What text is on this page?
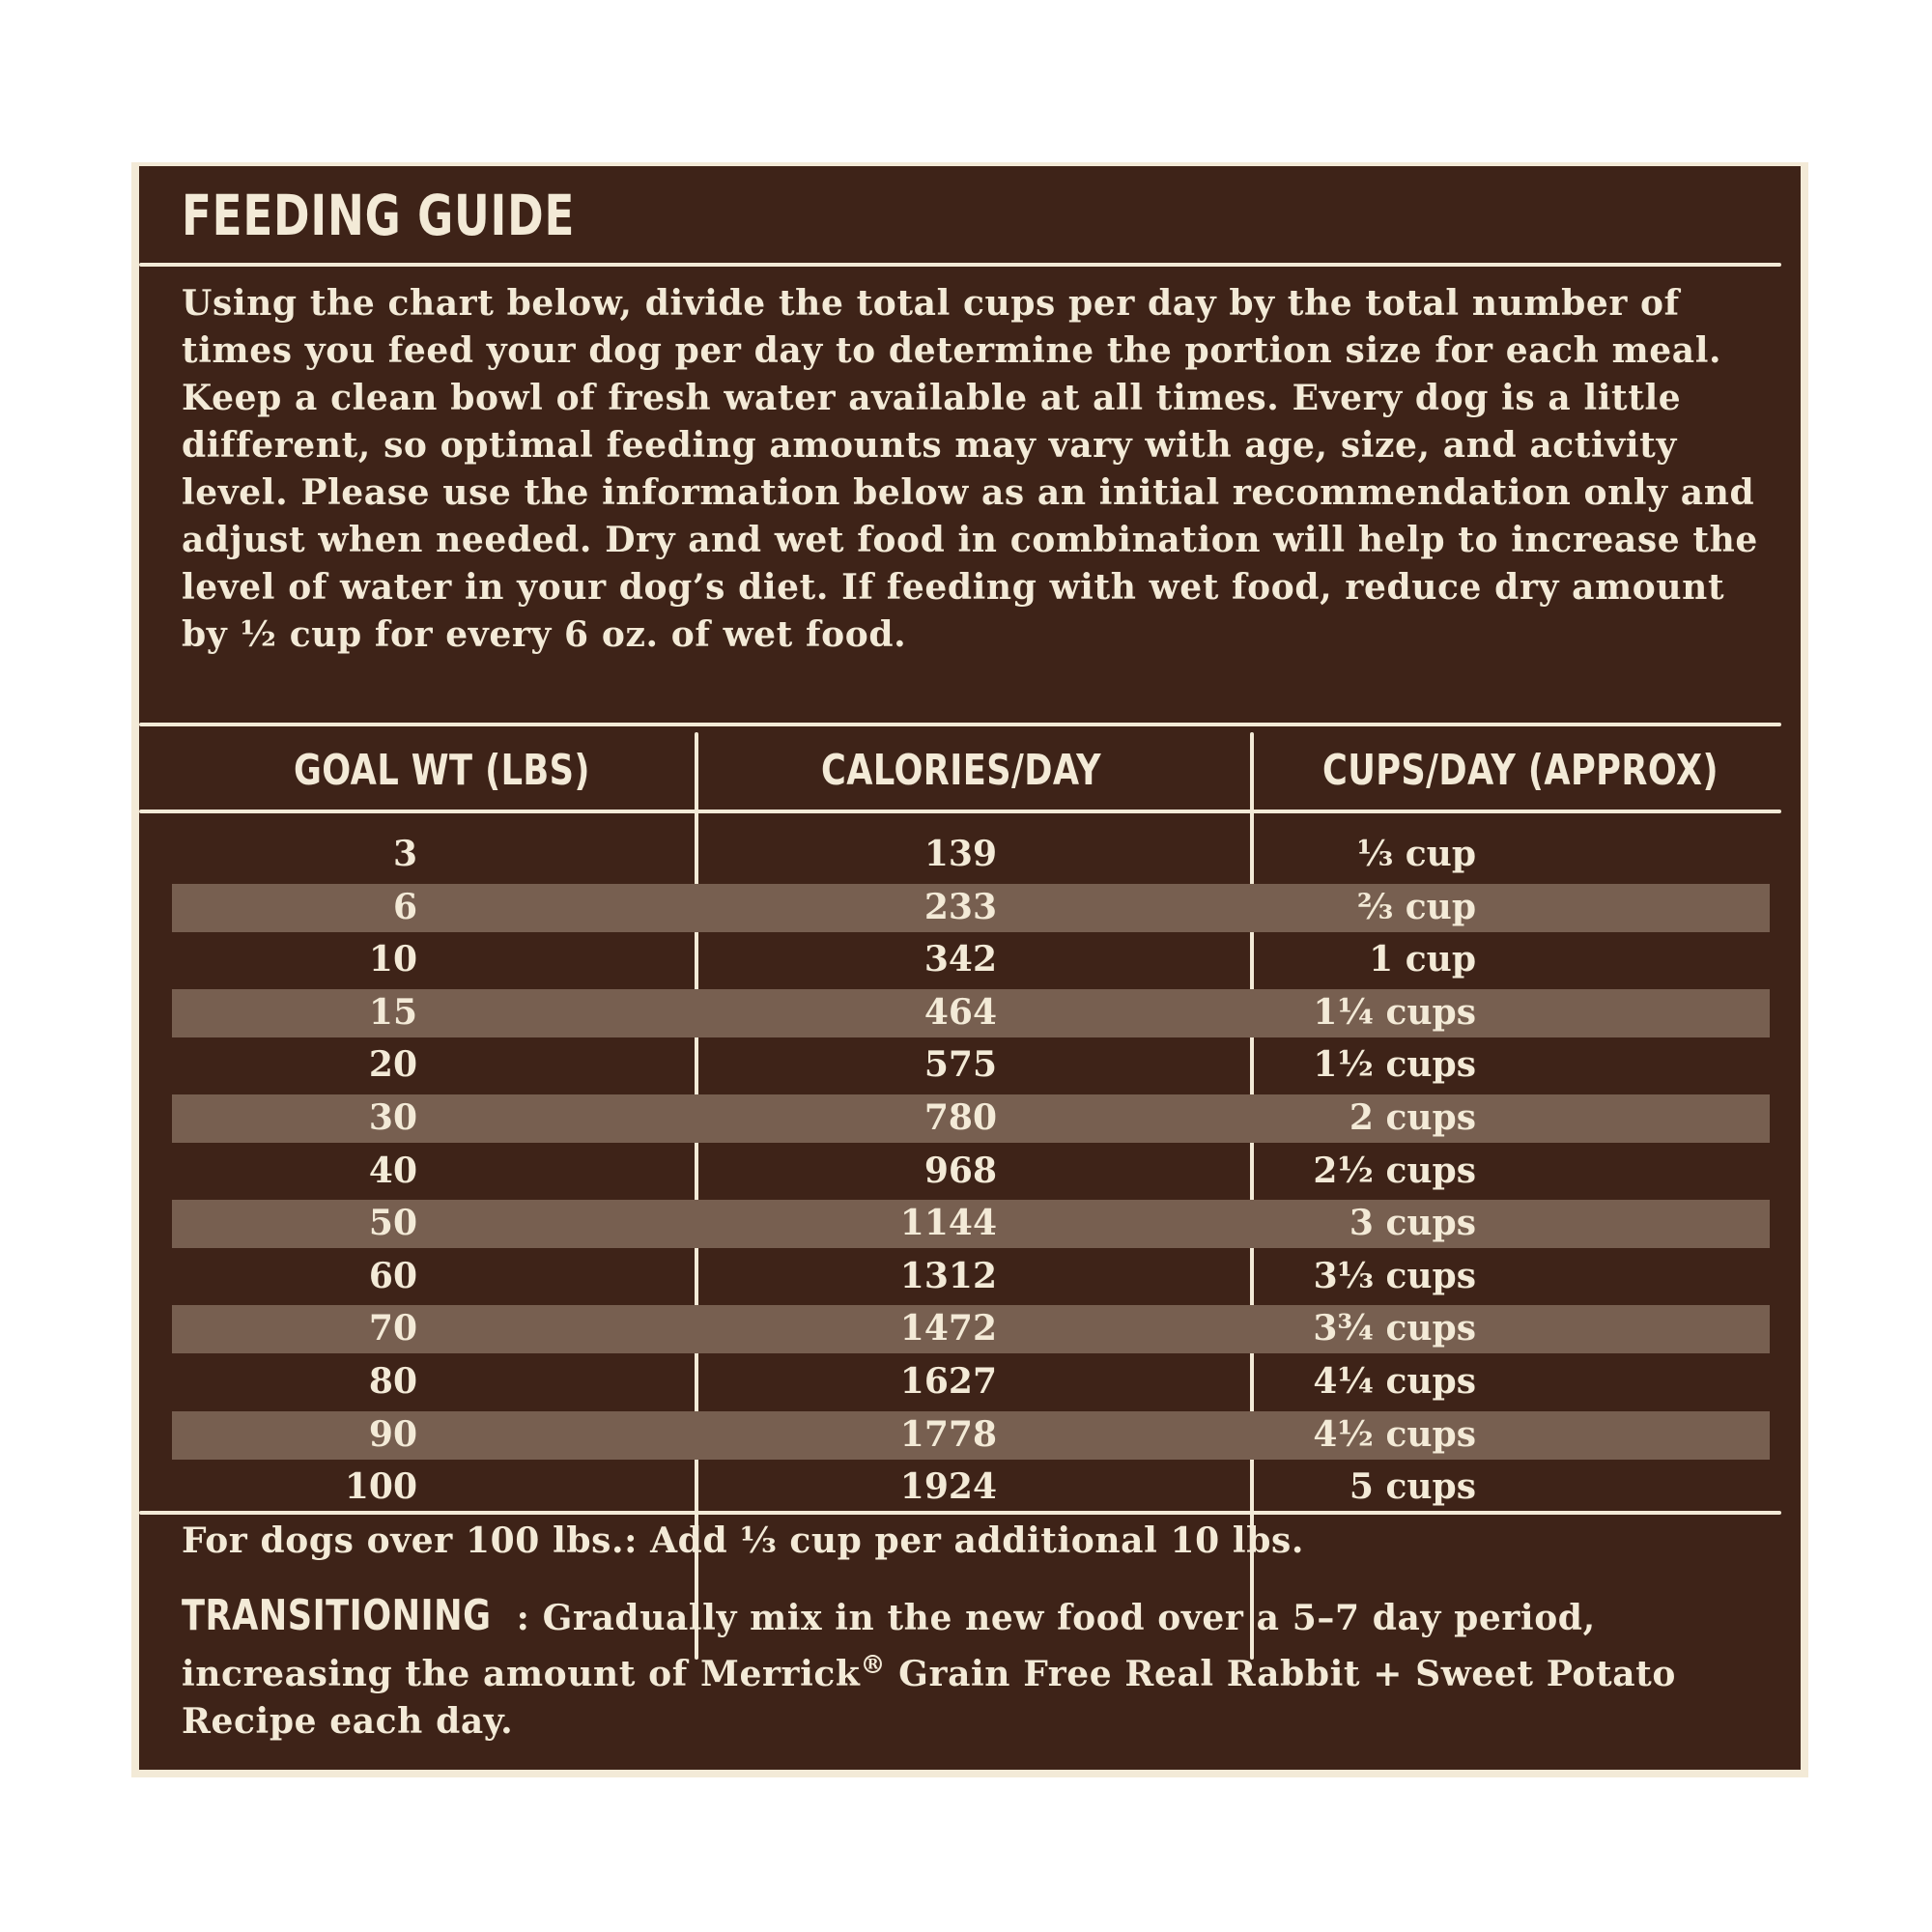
FEEDING GUIDE

Using the chart below, divide the total cups per day by the total number of times you feed your dog per day to determine the portion size for each meal. Keep a clean bowl of fresh water available at all times. Every dog is a little different, so optimal feeding amounts may vary with age, size, and activity level. Please use the information below as an initial recommendation only and adjust when needed. Dry and wet food in combination will help to increase the level of water in your dog’s diet. If feeding with wet food, reduce dry amount by ½ cup for every 6 oz. of wet food.

GOAL WT (LBS)	CALORIES/DAY	CUPS/DAY (APPROX)
3	139	⅓ cup
6	233	⅔ cup
10	342	1 cup
15	464	1¼ cups
20	575	1½ cups
30	780	2 cups
40	968	2½ cups
50	1144	3 cups
60	1312	3⅓ cups
70	1472	3¾ cups
80	1627	4¼ cups
90	1778	4½ cups
100	1924	5 cups

For dogs over 100 lbs.: Add ⅓ cup per additional 10 lbs.

TRANSITIONING : Gradually mix in the new food over a 5–7 day period, increasing the amount of Merrick® Grain Free Real Rabbit + Sweet Potato Recipe each day.
